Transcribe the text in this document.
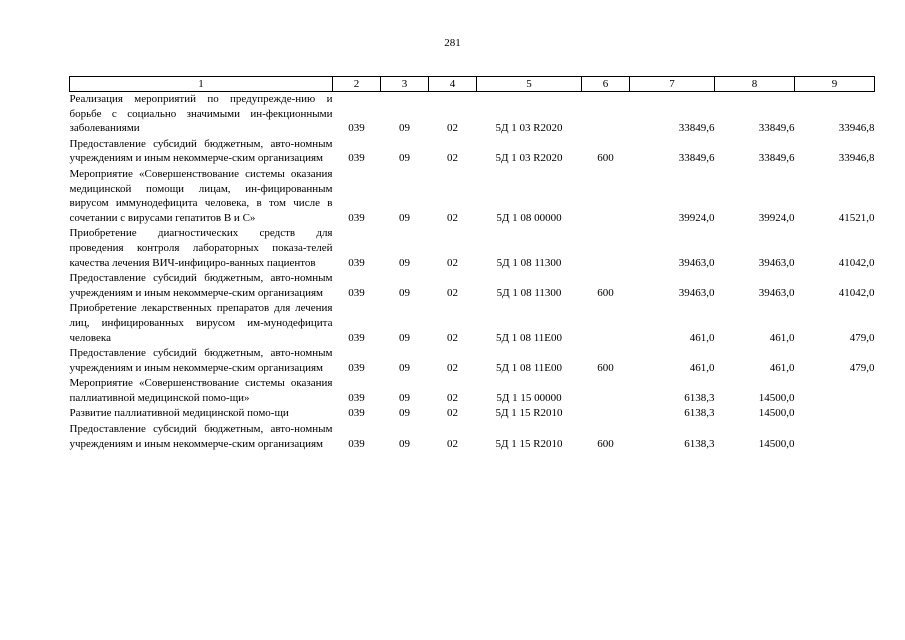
281
1	2	3	4	5	6	7	8	9
Реализация мероприятий по предупрежде-нию и борьбе с социально значимыми ин-фекционными заболеваниями	039	09	02	5Д 1 03 R2020		33849,6	33849,6	33946,8
Предоставление субсидий бюджетным, авто-номным учреждениям и иным некоммерче-ским организациям	039	09	02	5Д 1 03 R2020	600	33849,6	33849,6	33946,8
Мероприятие «Совершенствование системы оказания медицинской помощи лицам, ин-фицированным вирусом иммунодефицита человека, в том числе в сочетании с вирусами гепатитов В и С»	039	09	02	5Д 1 08 00000		39924,0	39924,0	41521,0
Приобретение диагностических средств для проведения контроля лабораторных показа-телей качества лечения ВИЧ-инфициро-ванных пациентов	039	09	02	5Д 1 08 11300		39463,0	39463,0	41042,0
Предоставление субсидий бюджетным, авто-номным учреждениям и иным некоммерче-ским организациям	039	09	02	5Д 1 08 11300	600	39463,0	39463,0	41042,0
Приобретение лекарственных препаратов для лечения лиц, инфицированных вирусом им-мунодефицита человека	039	09	02	5Д 1 08 11Е00		461,0	461,0	479,0
Предоставление субсидий бюджетным, авто-номным учреждениям и иным некоммерче-ским организациям	039	09	02	5Д 1 08 11Е00	600	461,0	461,0	479,0
Мероприятие «Совершенствование системы оказания паллиативной медицинской помо-щи»	039	09	02	5Д 1 15 00000		6138,3	14500,0	
Развитие паллиативной медицинской помо-щи	039	09	02	5Д 1 15 R2010		6138,3	14500,0	
Предоставление субсидий бюджетным, авто-номным учреждениям и иным некоммерче-ским организациям	039	09	02	5Д 1 15 R2010	600	6138,3	14500,0	
